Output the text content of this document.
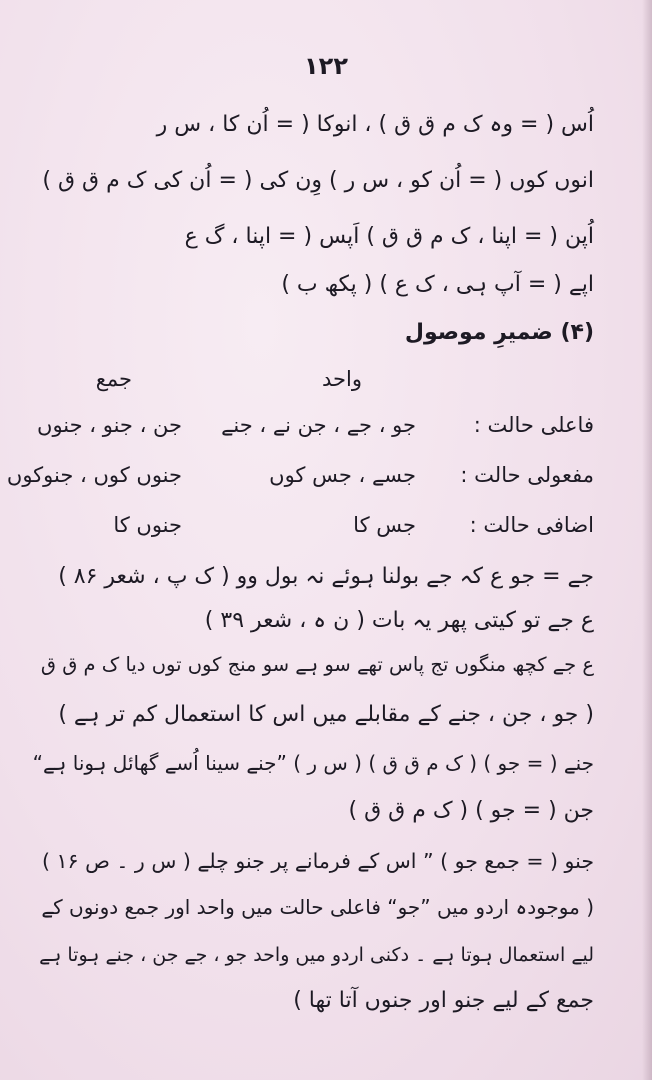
۱۲۲
اُس ( = وہ ک م ق ق ) ، انوکا ( = اُن کا ، س ر
انوں کوں ( = اُن کو ، س ر ) وِن کی ( = اُن کی ک م ق ق )
اُپن ( = اپنا ، ک م ق ق ) اَپس ( = اپنا ، گ ع
اپے ( = آپ ہی ، ک ع ) ( پکھ ب )
(۴) ضمیرِ موصول
واحد
جمع
فاعلی حالت :
جو ، جے ، جن نے ، جنے
جن ، جنو ، جنوں
مفعولی حالت :
جسے ، جس کوں
جنوں کوں ، جنوکوں
اضافی حالت :
جس کا
جنوں کا
جے = جو ع کہ جے بولنا ہوئے نہ بول وو ( ک پ ، شعر ۸۶ )
ع جے تو کیتی پھر یہ بات ( ن ہ ، شعر ۳۹ )
ع جے کچھ منگوں تج پاس تھے سو ہے سو منج کوں توں دیا ک م ق ق
( جو ، جن ، جنے کے مقابلے میں اس کا استعمال کم تر ہے )
جنے ( = جو ) ( ک م ق ق ) ( س ر ) ”جنے سینا اُسے گھائل ہونا ہے“
جن ( = جو ) ( ک م ق ق )
جنو ( = جمع جو ) ” اس کے فرمانے پر جنو چلے ( س ر ۔ ص ۱۶ )
( موجودہ اردو میں ”جو“ فاعلی حالت میں واحد اور جمع دونوں کے
لیے استعمال ہوتا ہے ۔ دکنی اردو میں واحد جو ، جے جن ، جنے ہوتا ہے
جمع کے لیے جنو اور جنوں آتا تھا )
